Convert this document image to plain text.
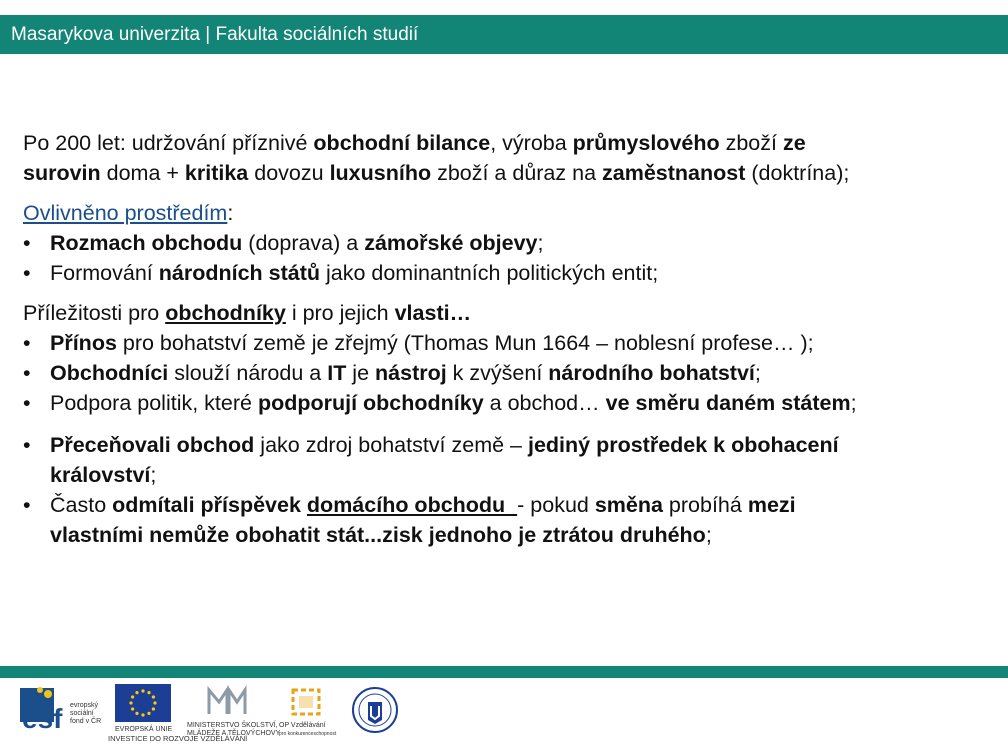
Masarykova univerzita | Fakulta sociálních studií

Po 200 let: udržování příznivé obchodní bilance, výroba průmyslového zboží ze

surovin doma + kritika dovozu luxusního zboží a důraz na zaměstnanost (doktrína);

Ovlivněno prostředím:
• Rozmach obchodu (doprava) a zámořské objevy;
• Formování národních států jako dominantních politických entit;
Příležitosti pro obchodníky i pro jejich vlasti…
• Přínos pro bohatství země je zřejmý (Thomas Mun 1664 – noblesní profese… );
• Obchodníci slouží národu a IT je nástroj k zvýšení národního bohatství;
• Podpora politik, které podporují obchodníky a obchod… ve směru daném státem;
• Přeceňovali obchod jako zdroj bohatství země – jediný prostředek k obohacení
království;
• Často odmítali příspěvek domácího obchodu  - pokud směna probíhá mezi
vlastními nemůže obohatit stát...zisk jednoho je ztrátou druhého;
esf evropský
sociální
fond v ČR
EVROPSKÁ UNIE
MINISTERSTVO ŠKOLSTVÍ,
MLÁDEŽE A TĚLOVÝCHOVY
OP Vzdělávání
pro konkurenceschopnost
INVESTICE DO ROZVOJE VZDĚLÁVÁNÍ
